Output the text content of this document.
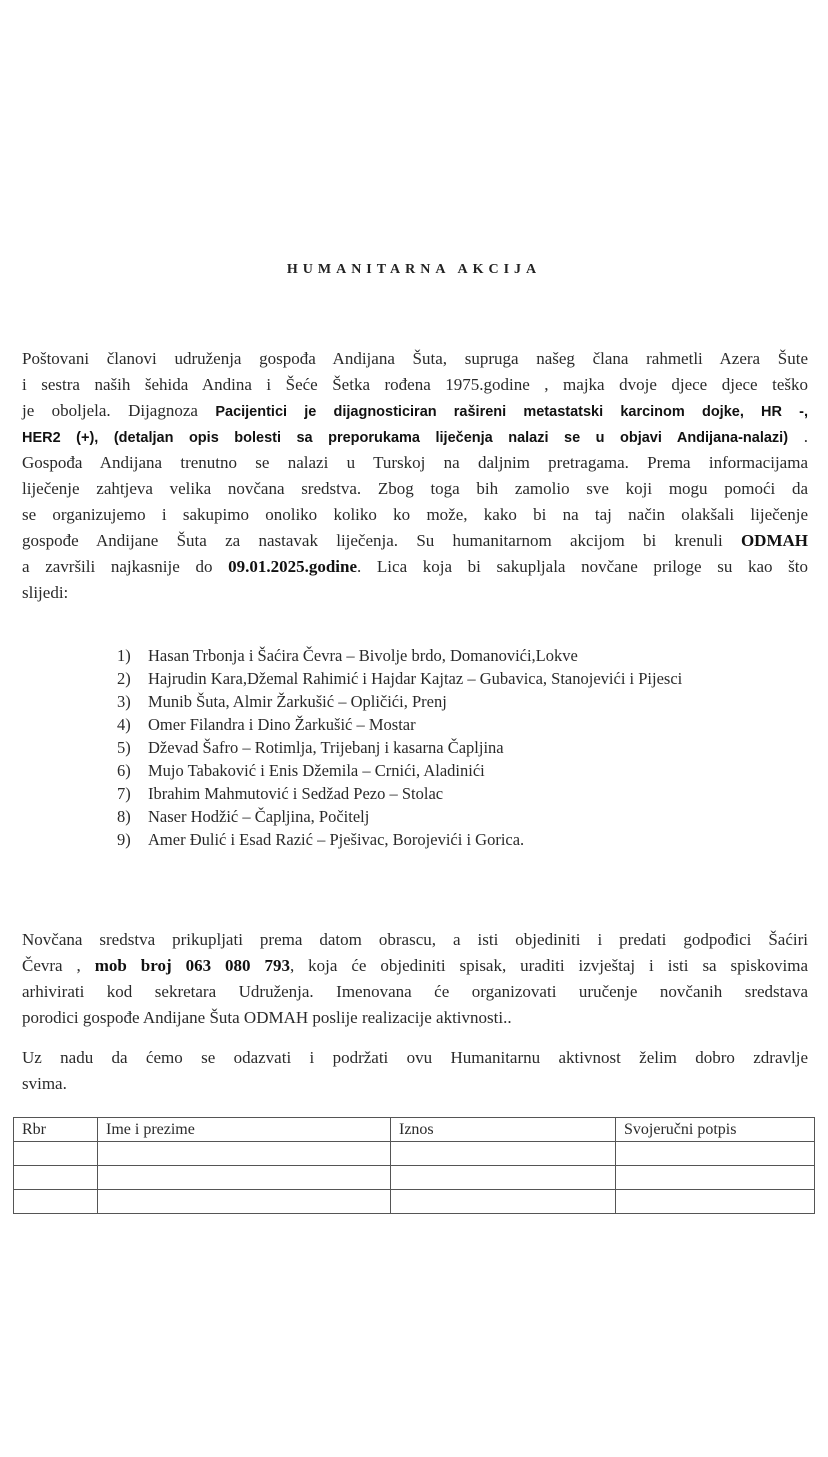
HUMANITARNA AKCIJA
Poštovani članovi udruženja gospođa Andijana Šuta, supruga našeg člana rahmetli Azera Šute
i sestra naših šehida Andina i Šeće Šetka rođena 1975.godine , majka dvoje djece djece teško
je oboljela. Dijagnoza Pacijentici je dijagnosticiran rašireni metastatski karcinom dojke, HR -,
HER2 (+), (detaljan opis bolesti sa preporukama liječenja nalazi se u objavi Andijana-nalazi) .
Gospođa Andijana trenutno se nalazi u Turskoj na daljnim pretragama. Prema informacijama
liječenje zahtjeva velika novčana sredstva. Zbog toga bih zamolio sve koji mogu pomoći da
se organizujemo i sakupimo onoliko koliko ko može, kako bi na taj način olakšali liječenje
gospođe Andijane Šuta za nastavak liječenja. Su humanitarnom akcijom bi krenuli ODMAH
a završili najkasnije do 09.01.2025.godine. Lica koja bi sakupljala novčane priloge su kao što
slijedi:
1)	Hasan Trbonja i Šaćira Čevra – Bivolje brdo, Domanovići,Lokve
2)	Hajrudin Kara,Džemal Rahimić i Hajdar Kajtaz – Gubavica, Stanojevići i Pijesci
3)	Munib Šuta, Almir Žarkušić – Opličići, Prenj
4)	Omer Filandra i Dino Žarkušić – Mostar
5)	Dževad Šafro – Rotimlja, Trijebanj i kasarna Čapljina
6)	Mujo Tabaković i Enis Džemila – Crnići, Aladinići
7)	Ibrahim Mahmutović i Sedžad Pezo – Stolac
8)	Naser Hodžić – Čapljina, Počitelj
9)	Amer Đulić i Esad Razić – Pješivac, Borojevići i Gorica.
Novčana sredstva prikupljati prema datom obrascu, a isti objediniti i predati godpođici Šaćiri
Čevra , mob broj 063 080 793, koja će objediniti spisak, uraditi izvještaj i isti sa spiskovima
arhivirati kod sekretara Udruženja. Imenovana će organizovati uručenje novčanih sredstava
porodici gospođe Andijane Šuta ODMAH poslije realizacije aktivnosti..
Uz nadu da ćemo se odazvati i podržati ovu Humanitarnu aktivnost želim dobro zdravlje
svima.
Rbr	Ime i prezime	Iznos	Svojeručni potpis
